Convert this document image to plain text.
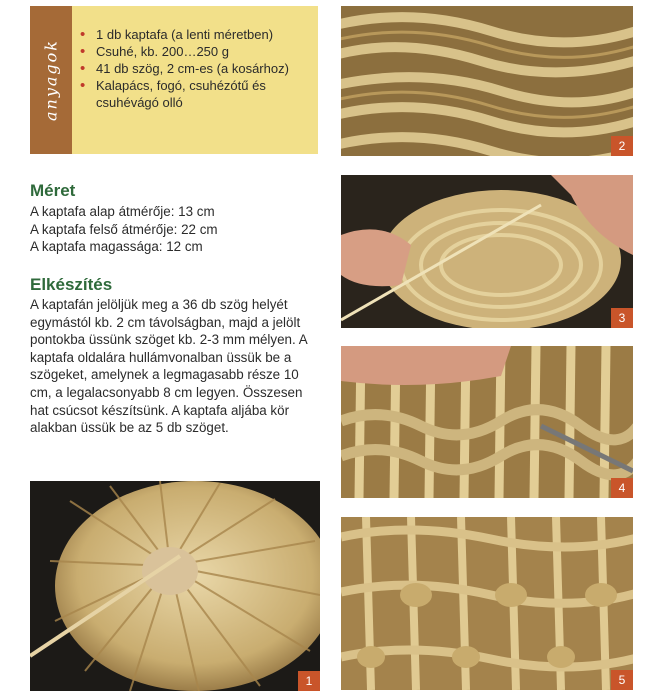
anyagok
• 1 db kaptafa (a lenti méretben)
• Csuhé, kb. 200…250 g
• 41 db szög, 2 cm-es (a kosárhoz)
• Kalapács, fogó, csuhézótű és csuhévágó olló
Méret
A kaptafa alap átmérője: 13 cm
A kaptafa felső átmérője: 22 cm
A kaptafa magassága: 12 cm
Elkészítés

A kaptafán jelöljük meg a 36 db szög helyét egymástól kb. 2 cm távolságban, majd a jelölt pontokba üssünk szöget kb. 2-3 mm mélyen. A kaptafa oldalára hullámvonalban üssük be a szögeket, amelynek a legmagasabb része 10 cm, a legalacsonyabb 8 cm legyen. Összesen hat csúcsot készítsünk. A kaptafa aljába kör alakban üssük be az 5 db szöget.

1
2
3
4
5
